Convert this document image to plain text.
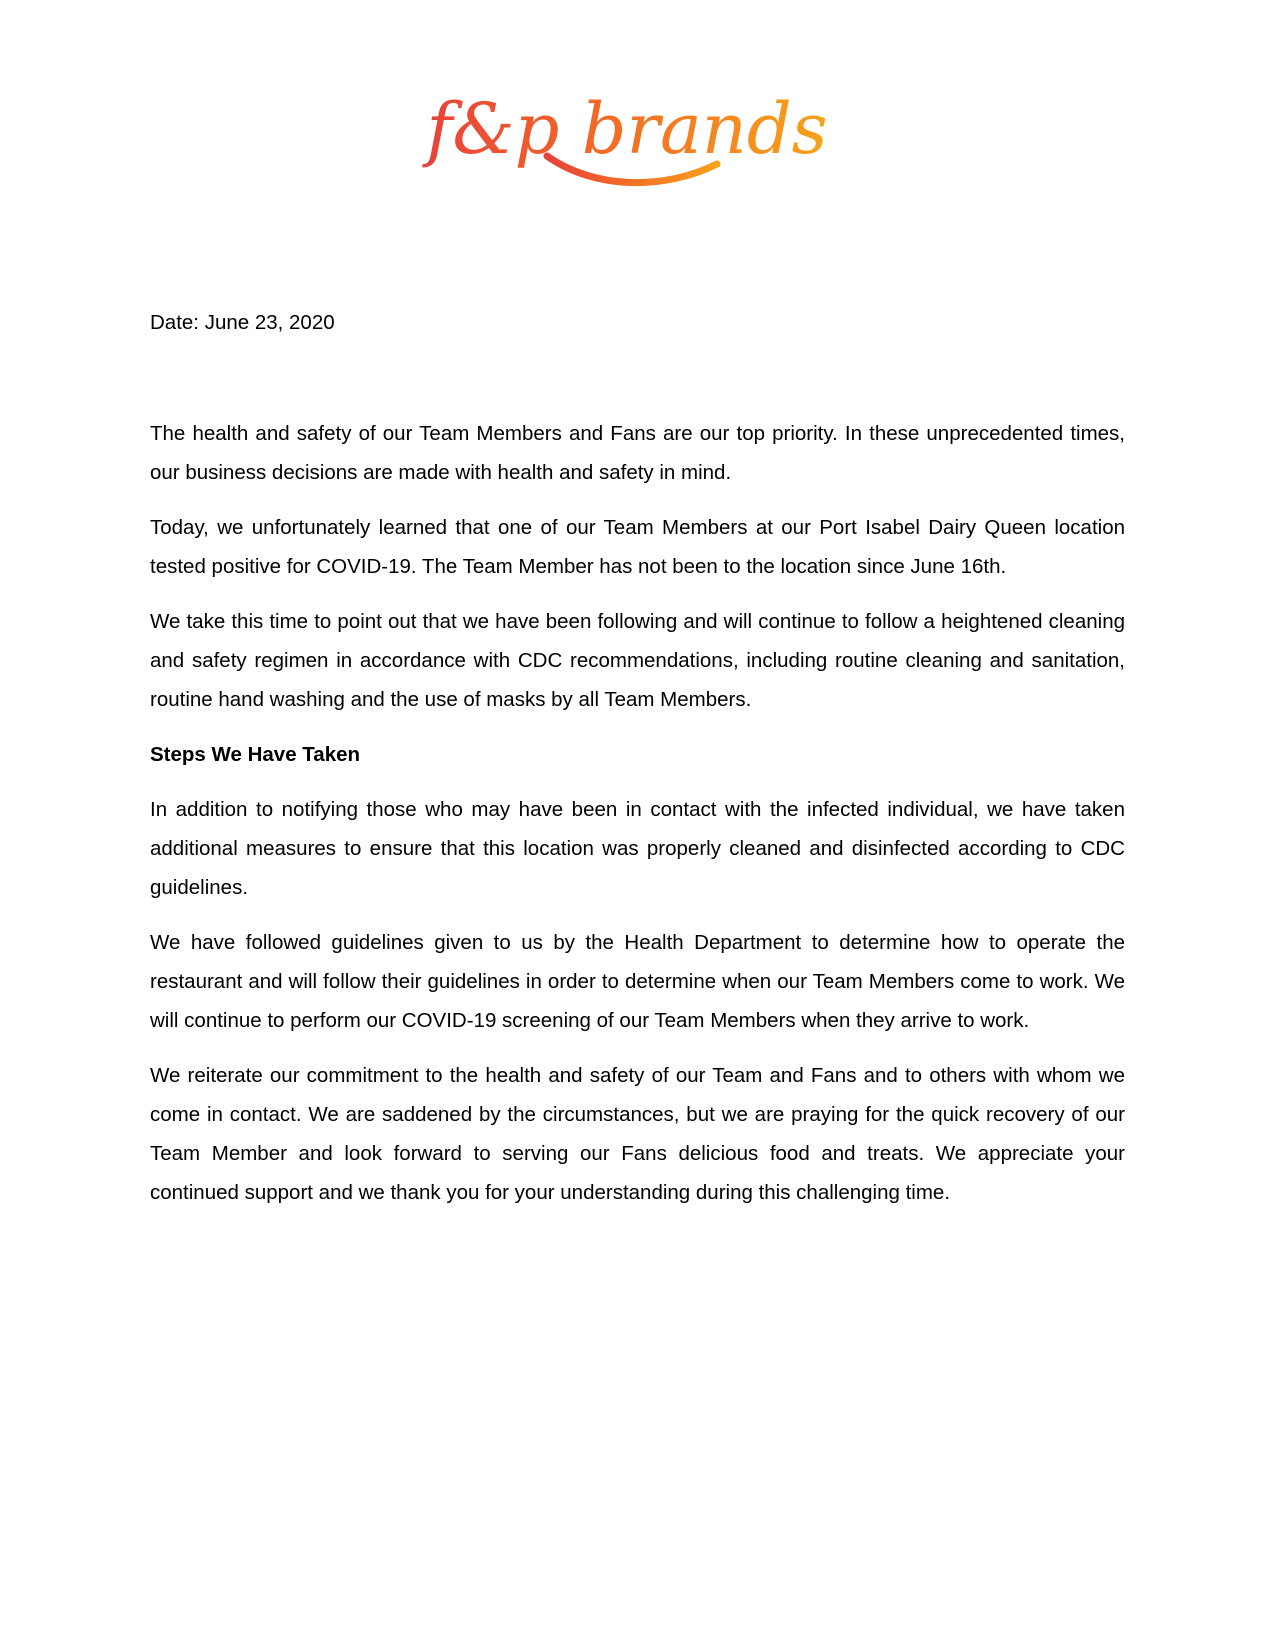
f&p brands

Date: June 23, 2020

The health and safety of our Team Members and Fans are our top priority. In these unprecedented times, our business decisions are made with health and safety in mind.

Today, we unfortunately learned that one of our Team Members at our Port Isabel Dairy Queen location tested positive for COVID-19. The Team Member has not been to the location since June 16th.

We take this time to point out that we have been following and will continue to follow a heightened cleaning and safety regimen in accordance with CDC recommendations, including routine cleaning and sanitation, routine hand washing and the use of masks by all Team Members.

Steps We Have Taken

In addition to notifying those who may have been in contact with the infected individual, we have taken additional measures to ensure that this location was properly cleaned and disinfected according to CDC guidelines.

We have followed guidelines given to us by the Health Department to determine how to operate the restaurant and will follow their guidelines in order to determine when our Team Members come to work. We will continue to perform our COVID-19 screening of our Team Members when they arrive to work.

We reiterate our commitment to the health and safety of our Team and Fans and to others with whom we come in contact. We are saddened by the circumstances, but we are praying for the quick recovery of our Team Member and look forward to serving our Fans delicious food and treats. We appreciate your continued support and we thank you for your understanding during this challenging time.
